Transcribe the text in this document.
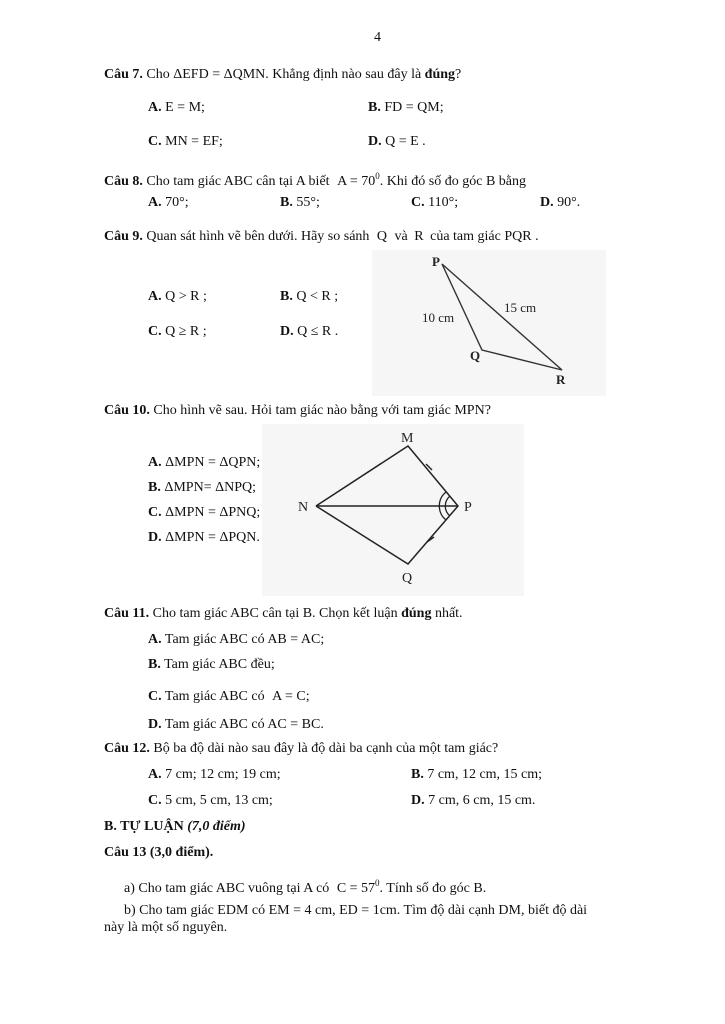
4
Câu 7. Cho ΔEFD = ΔQMN. Khẳng định nào sau đây là đúng?
A. E = M;	B. FD = QM;
C. MN = EF;	D. Q = E .
Câu 8. Cho tam giác ABC cân tại A biết $A = 70^0$. Khi đó số đo góc B bằng
A. 70°;	B. 55°;	C. 110°;	D. 90°.
Câu 9. Quan sát hình vẽ bên dưới. Hãy so sánh Q và R của tam giác PQR .
A. Q > R ;	B. Q < R ;
C. Q ≥ R ;	D. Q ≤ R .
P
Q
R
10 cm
15 cm
Câu 10. Cho hình vẽ sau. Hỏi tam giác nào bằng với tam giác MPN?
A. ΔMPN = ΔQPN;
B. ΔMPN= ΔNPQ;
C. ΔMPN = ΔPNQ;
D. ΔMPN = ΔPQN.
M
N	P
Q
Câu 11. Cho tam giác ABC cân tại B. Chọn kết luận đúng nhất.
A. Tam giác ABC có AB = AC;
B. Tam giác ABC đều;
C. Tam giác ABC có A = C;
D. Tam giác ABC có AC = BC.
Câu 12. Bộ ba độ dài nào sau đây là độ dài ba cạnh của một tam giác?
A. 7 cm; 12 cm; 19 cm;	B. 7 cm, 12 cm, 15 cm;
C. 5 cm, 5 cm, 13 cm;	D. 7 cm, 6 cm, 15 cm.
B. TỰ LUẬN (7,0 điểm)
Câu 13 (3,0 điểm).
a) Cho tam giác ABC vuông tại A có $C = 57^0$. Tính số đo góc B.
b) Cho tam giác EDM có EM = 4 cm, ED = 1cm. Tìm độ dài cạnh DM, biết độ dài
này là một số nguyên.
